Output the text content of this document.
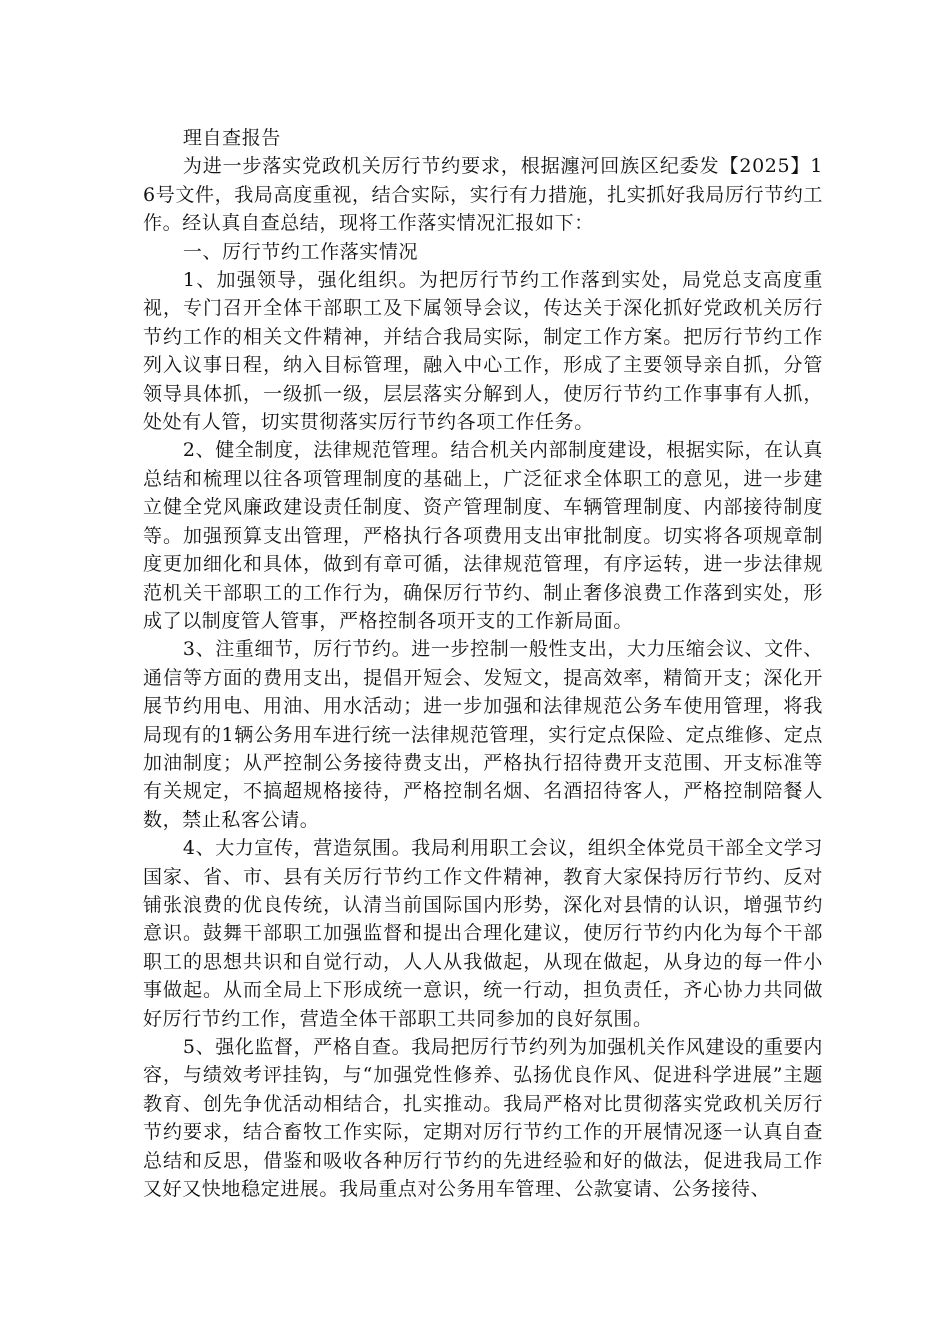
理自查报告

为进一步落实党政机关厉行节约要求，根据瀍河回族区纪委发【2025】16号文件，我局高度重视，结合实际，实行有力措施，扎实抓好我局厉行节约工作。经认真自查总结，现将工作落实情况汇报如下：

一、厉行节约工作落实情况

1、加强领导，强化组织。为把厉行节约工作落到实处，局党总支高度重视，专门召开全体干部职工及下属领导会议，传达关于深化抓好党政机关厉行节约工作的相关文件精神，并结合我局实际，制定工作方案。把厉行节约工作列入议事日程，纳入目标管理，融入中心工作，形成了主要领导亲自抓，分管领导具体抓，一级抓一级，层层落实分解到人，使厉行节约工作事事有人抓，处处有人管，切实贯彻落实厉行节约各项工作任务。

2、健全制度，法律规范管理。结合机关内部制度建设，根据实际，在认真总结和梳理以往各项管理制度的基础上，广泛征求全体职工的意见，进一步建立健全党风廉政建设责任制度、资产管理制度、车辆管理制度、内部接待制度等。加强预算支出管理，严格执行各项费用支出审批制度。切实将各项规章制度更加细化和具体，做到有章可循，法律规范管理，有序运转，进一步法律规范机关干部职工的工作行为，确保厉行节约、制止奢侈浪费工作落到实处，形成了以制度管人管事，严格控制各项开支的工作新局面。

3、注重细节，厉行节约。进一步控制一般性支出，大力压缩会议、文件、通信等方面的费用支出，提倡开短会、发短文，提高效率，精简开支；深化开展节约用电、用油、用水活动；进一步加强和法律规范公务车使用管理，将我局现有的1辆公务用车进行统一法律规范管理，实行定点保险、定点维修、定点加油制度；从严控制公务接待费支出，严格执行招待费开支范围、开支标准等有关规定，不搞超规格接待，严格控制名烟、名酒招待客人，严格控制陪餐人数，禁止私客公请。

4、大力宣传，营造氛围。我局利用职工会议，组织全体党员干部全文学习国家、省、市、县有关厉行节约工作文件精神，教育大家保持厉行节约、反对铺张浪费的优良传统，认清当前国际国内形势，深化对县情的认识，增强节约意识。鼓舞干部职工加强监督和提出合理化建议，使厉行节约内化为每个干部职工的思想共识和自觉行动，人人从我做起，从现在做起，从身边的每一件小事做起。从而全局上下形成统一意识，统一行动，担负责任，齐心协力共同做好厉行节约工作，营造全体干部职工共同参加的良好氛围。

5、强化监督，严格自查。我局把厉行节约列为加强机关作风建设的重要内容，与绩效考评挂钩，与“加强党性修养、弘扬优良作风、促进科学进展”主题教育、创先争优活动相结合，扎实推动。我局严格对比贯彻落实党政机关厉行节约要求，结合畜牧工作实际，定期对厉行节约工作的开展情况逐一认真自查总结和反思，借鉴和吸收各种厉行节约的先进经验和好的做法，促进我局工作又好又快地稳定进展。我局重点对公务用车管理、公款宴请、公务接待、
